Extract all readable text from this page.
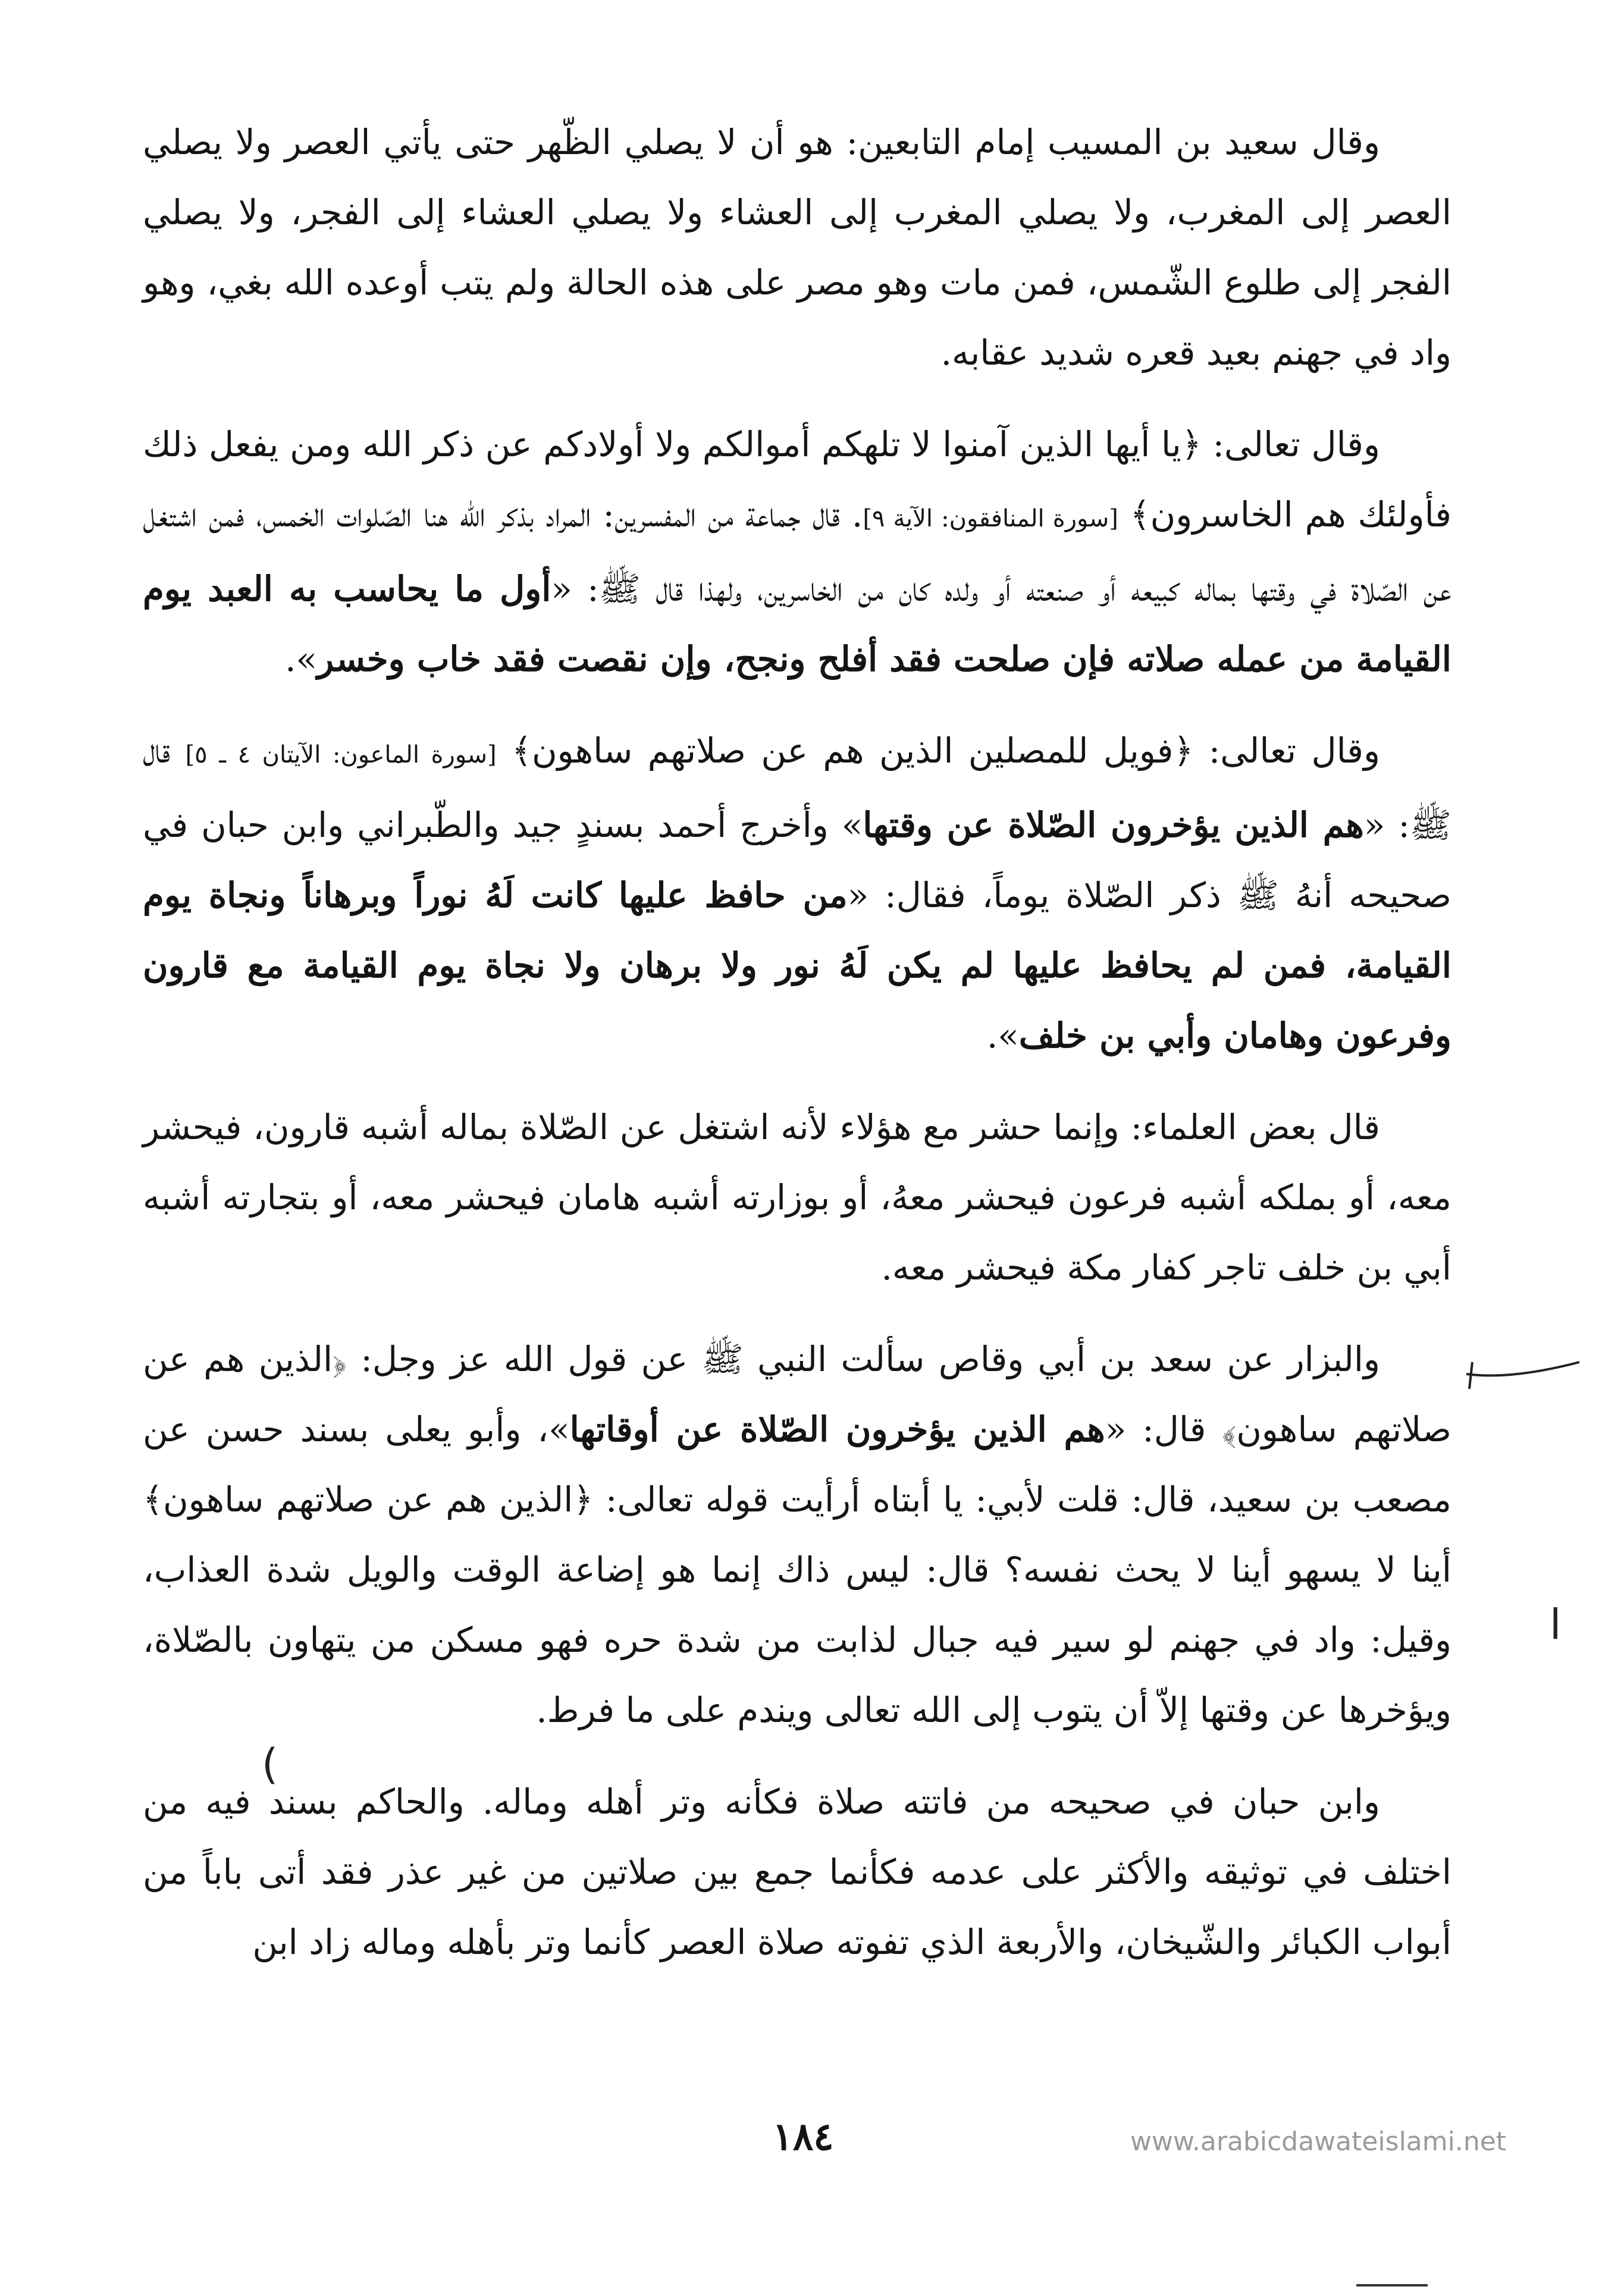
وقال سعيد بن المسيب إمام التابعين: هو أن لا يصلي الظّهر حتى يأتي العصر ولا يصلي العصر إلى المغرب، ولا يصلي المغرب إلى العشاء ولا يصلي العشاء إلى الفجر، ولا يصلي الفجر إلى طلوع الشّمس، فمن مات وهو مصر على هذه الحالة ولم يتب أوعده الله بغي، وهو واد في جهنم بعيد قعره شديد عقابه.

وقال تعالى: ﴿يا أيها الذين آمنوا لا تلهكم أموالكم ولا أولادكم عن ذكر الله ومن يفعل ذلك فأولئك هم الخاسرون﴾ [سورة المنافقون: الآية ٩]. قال جماعة من المفسرين: المراد بذكر الله هنا الصّلوات الخمس، فمن اشتغل عن الصّلاة في وقتها بماله كبيعه أو صنعته أو ولده كان من الخاسرين، ولهذا قال ﷺ: «أول ما يحاسب به العبد يوم القيامة من عمله صلاته فإن صلحت فقد أفلح ونجح، وإن نقصت فقد خاب وخسر».

وقال تعالى: ﴿فويل للمصلين الذين هم عن صلاتهم ساهون﴾ [سورة الماعون: الآيتان ٤ ـ ٥] قال ﷺ: «هم الذين يؤخرون الصّلاة عن وقتها» وأخرج أحمد بسندٍ جيد والطّبراني وابن حبان في صحيحه أنهُ ﷺ ذكر الصّلاة يوماً، فقال: «من حافظ عليها كانت لَهُ نوراً وبرهاناً ونجاة يوم القيامة، فمن لم يحافظ عليها لم يكن لَهُ نور ولا برهان ولا نجاة يوم القيامة مع قارون وفرعون وهامان وأبي بن خلف».

قال بعض العلماء: وإنما حشر مع هؤلاء لأنه اشتغل عن الصّلاة بماله أشبه قارون، فيحشر معه، أو بملكه أشبه فرعون فيحشر معهُ، أو بوزارته أشبه هامان فيحشر معه، أو بتجارته أشبه أبي بن خلف تاجر كفار مكة فيحشر معه.

والبزار عن سعد بن أبي وقاص سألت النبي ﷺ عن قول الله عز وجل: ﴿الذين هم عن صلاتهم ساهون﴾ قال: «هم الذين يؤخرون الصّلاة عن أوقاتها»، وأبو يعلى بسند حسن عن مصعب بن سعيد، قال: قلت لأبي: يا أبتاه أرأيت قوله تعالى: ﴿الذين هم عن صلاتهم ساهون﴾ أينا لا يسهو أينا لا يحث نفسه؟ قال: ليس ذاك إنما هو إضاعة الوقت والويل شدة العذاب، وقيل: واد في جهنم لو سير فيه جبال لذابت من شدة حره فهو مسكن من يتهاون بالصّلاة، ويؤخرها عن وقتها إلاّ أن يتوب إلى الله تعالى ويندم على ما فرط.

وابن حبان في صحيحه من فاتته صلاة فكأنه وتر أهله وماله. والحاكم بسند فيه من اختلف في توثيقه والأكثر على عدمه فكأنما جمع بين صلاتين من غير عذر فقد أتى باباً من أبواب الكبائر والشّيخان، والأربعة الذي تفوته صلاة العصر كأنما وتر بأهله وماله زاد ابن

ا
)
١٨٤	www.arabicdawateislami.net
